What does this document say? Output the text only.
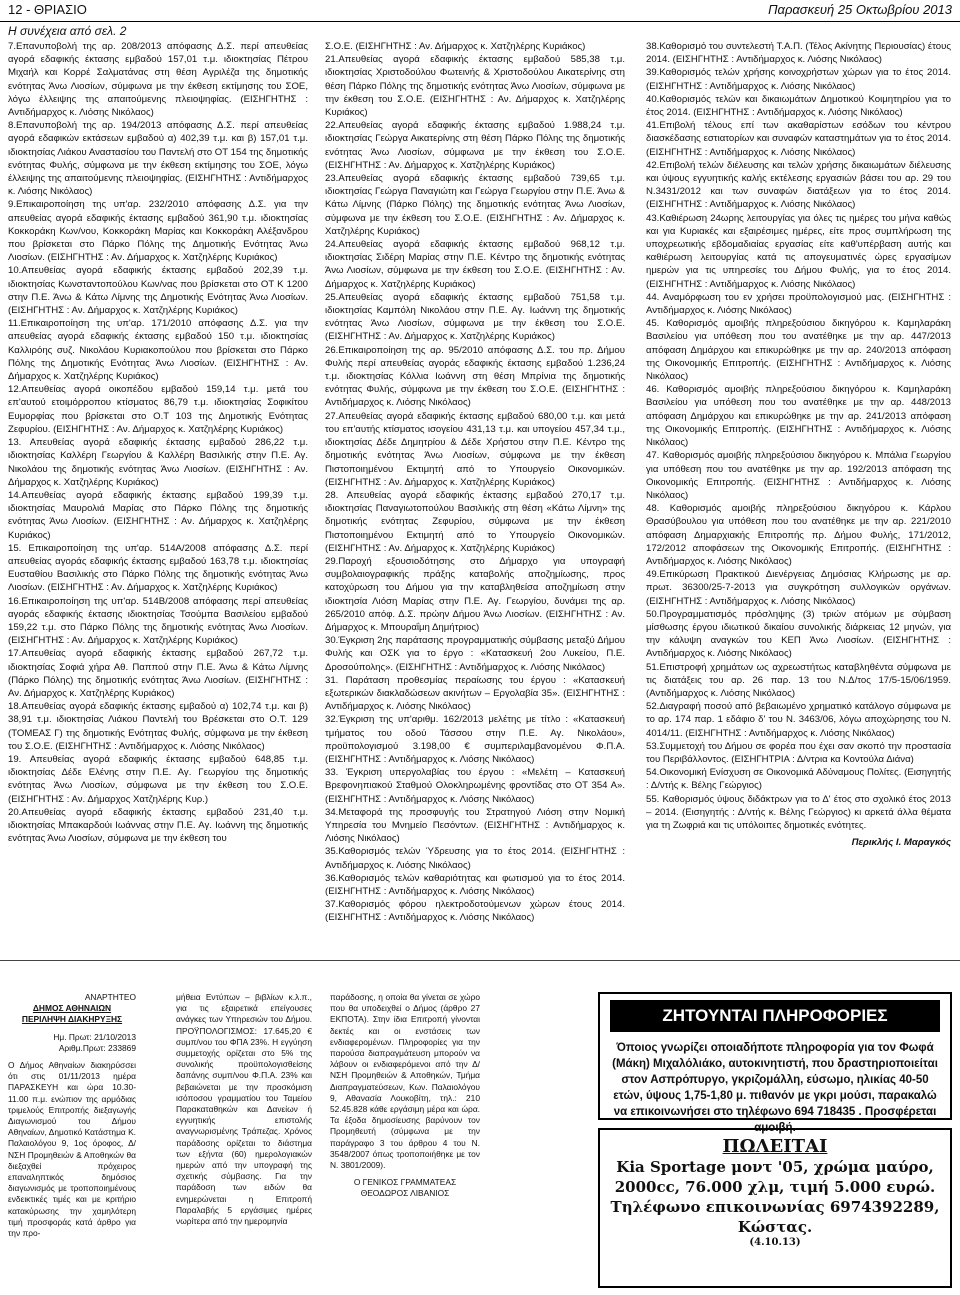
12 - ΘΡΙΑΣΙΟ	Παρασκευή 25 Οκτωβρίου 2013
Η συνέχεια από σελ. 2

7.Επανυποβολή της αρ. 208/2013 απόφασης Δ.Σ. περί απευθείας αγορά εδαφικής έκτασης εμβαδού 157,01 τ.μ. ιδιοκτησίας Πέτρου Μιχαήλ και Κορρέ Σαλματάνας στη θέση Αγριλέζα της δημοτικής ενότητας Άνω Λιοσίων, σύμφωνα με την έκθεση εκτίμησης του ΣΟΕ, λόγω έλλειψης της απαιτούμενης πλειοψηφίας. (ΕΙΣΗΓΗΤΗΣ : Αντιδήμαρχος κ. Λιόσης Νικόλαος)

8.Επανυποβολή της αρ. 194/2013 απόφασης Δ.Σ. περί απευθείας αγορά εδαφικών εκτάσεων εμβαδού α) 402,39 τ.μ. και β) 157,01 τ.μ. ιδιοκτησίας Λιάκου Αναστασίου του Παντελή στο ΟΤ 154 της δημοτικής ενότητας Φυλής, σύμφωνα με την έκθεση εκτίμησης του ΣΟΕ, λόγω έλλειψης της απαιτούμενης πλειοψηφίας. (ΕΙΣΗΓΗΤΗΣ : Αντιδήμαρχος κ. Λιόσης Νικόλαος)

9.Επικαιροποίηση της υπ'αρ. 232/2010 απόφασης Δ.Σ. για την απευθείας αγορά εδαφικής έκτασης εμβαδού 361,90 τ.μ. ιδιοκτησίας Κοκκοράκη Κων/νου, Κοκκοράκη Μαρίας και Κοκκοράκη Αλέξανδρου που βρίσκεται στο Πάρκο Πόλης της Δημοτικής Ενότητας Άνω Λιοσίων. (ΕΙΣΗΓΗΤΗΣ : Αν. Δήμαρχος κ. Χατζηλέρης Κυριάκος)

10.Απευθείας αγορά εδαφικής έκτασης εμβαδού 202,39 τ.μ. ιδιοκτησίας Κωνσταντοπούλου Κων/νας που βρίσκεται στο ΟΤ Κ 1200 στην Π.Ε. Άνω & Κάτω Λίμνης της Δημοτικής Ενότητας Άνω Λιοσίων. (ΕΙΣΗΓΗΤΗΣ : Αν. Δήμαρχος κ. Χατζηλέρης Κυριάκος)

11.Επικαιροποίηση της υπ'αρ. 171/2010 απόφασης Δ.Σ. για την απευθείας αγορά εδαφικής έκτασης εμβαδού 150 τ.μ. ιδιοκτησίας Καλλιρόης συζ. Νικολάου Κυριακοπούλου που βρίσκεται στο Πάρκο Πόλης της Δημοτικής Ενότητας Άνω Λιοσίων. (ΕΙΣΗΓΗΤΗΣ : Αν. Δήμαρχος κ. Χατζηλέρης Κυριάκος)

12.Απευθείας αγορά οικοπέδου εμβαδού 159,14 τ.μ. μετά του επ'αυτού ετοιμόρροπου κτίσματος 86,79 τ.μ. ιδιοκτησίας Σοφικίτου Ευμορφίας που βρίσκεται στο Ο.Τ 103 της Δημοτικής Ενότητας Ζεφυρίου. (ΕΙΣΗΓΗΤΗΣ : Αν. Δήμαρχος κ. Χατζηλέρης Κυριάκος)

13. Απευθείας αγορά εδαφικής έκτασης εμβαδού 286,22 τ.μ. ιδιοκτησίας Καλλέρη Γεωργίου & Καλλέρη Βασιλικής στην Π.Ε. Αγ. Νικολάου της δημοτικής ενότητας Άνω Λιοσίων. (ΕΙΣΗΓΗΤΗΣ : Αν. Δήμαρχος κ. Χατζηλέρης Κυριάκος)

14.Απευθείας αγορά εδαφικής έκτασης εμβαδού 199,39 τ.μ. ιδιοκτησίας Μαυρολιά Μαρίας στο Πάρκο Πόλης της δημοτικής ενότητας Άνω Λιοσίων. (ΕΙΣΗΓΗΤΗΣ : Αν. Δήμαρχος κ. Χατζηλέρης Κυριάκος)

15. Επικαιροποίηση της υπ'αρ. 514Α/2008 απόφασης Δ.Σ. περί απευθείας αγοράς εδαφικής έκτασης εμβαδού 163,78 τ.μ. ιδιοκτησίας Ευσταθίου Βασιλικής στο Πάρκο Πόλης της δημοτικής ενότητας Άνω Λιοσίων. (ΕΙΣΗΓΗΤΗΣ : Αν. Δήμαρχος κ. Χατζηλέρης Κυριάκος)

16.Επικαιροποίηση της υπ'αρ. 514Β/2008 απόφασης περί απευθείας αγοράς εδαφικής έκτασης ιδιοκτησίας Τσούμπα Βασιλείου εμβαδού 159,22 τ.μ. στο Πάρκο Πόλης της δημοτικής ενότητας Άνω Λιοσίων. (ΕΙΣΗΓΗΤΗΣ : Αν. Δήμαρχος κ. Χατζηλέρης Κυριάκος)

17.Απευθείας αγορά εδαφικής έκτασης εμβαδού 267,72 τ.μ. ιδιοκτησίας Σοφιά χήρα Αθ. Παππού στην Π.Ε. Άνω & Κάτω Λίμνης (Πάρκο Πόλης) της δημοτικής ενότητας Άνω Λιοσίων. (ΕΙΣΗΓΗΤΗΣ : Αν. Δήμαρχος κ. Χατζηλέρης Κυριάκος)

18.Απευθείας αγορά εδαφικής έκτασης εμβαδού α) 102,74 τ.μ. και β) 38,91 τ.μ. ιδιοκτησίας Λιάκου Παντελή του Βρέσκεται στο Ο.Τ. 129 (ΤΟΜΕΑΣ Γ) της δημοτικής Ενότητας Φυλής, σύμφωνα με την έκθεση του Σ.Ο.Ε. (ΕΙΣΗΓΗΤΗΣ : Αντιδήμαρχος κ. Λιόσης Νικόλαος)

19. Απευθείας αγορά εδαφικής έκτασης εμβαδού 648,85 τ.μ. ιδιοκτησίας Δέδε Ελένης στην Π.Ε. Αγ. Γεωργίου της δημοτικής ενότητας Άνω Λιοσίων, σύμφωνα με την έκθεση του Σ.Ο.Ε. (ΕΙΣΗΓΗΤΗΣ : Αν. Δήμαρχος Χατζηλέρης Κυρ.)

20.Απευθείας αγορά εδαφικής έκτασης εμβαδού 231,40 τ.μ. ιδιοκτησίας Μπακαρδούι Ιωάννας στην Π.Ε. Αγ. Ιωάννη της δημοτικής ενότητας Άνω Λιοσίων, σύμφωνα με την έκθεση του

Σ.Ο.Ε. (ΕΙΣΗΓΗΤΗΣ : Αν. Δήμαρχος κ. Χατζηλέρης Κυριάκος)

21.Απευθείας αγορά εδαφικής έκτασης εμβαδού 585,38 τ.μ. ιδιοκτησίας Χριστοδούλου Φωτεινής & Χριστοδούλου Αικατερίνης στη θέση Πάρκο Πόλης της δημοτικής ενότητας Άνω Λιοσίων, σύμφωνα με την έκθεση του Σ.Ο.Ε. (ΕΙΣΗΓΗΤΗΣ : Αν. Δήμαρχος κ. Χατζηλέρης Κυριάκος)

22.Απευθείας αγορά εδαφικής έκτασης εμβαδού 1.988,24 τ.μ. ιδιοκτησίας Γεώργα Αικατερίνης στη θέση Πάρκο Πόλης της δημοτικής ενότητας Άνω Λιοσίων, σύμφωνα με την έκθεση του Σ.Ο.Ε. (ΕΙΣΗΓΗΤΗΣ : Αν. Δήμαρχος κ. Χατζηλέρης Κυριάκος)

23.Απευθείας αγορά εδαφικής έκτασης εμβαδού 739,65 τ.μ. ιδιοκτησίας Γεώργα Παναγιώτη και Γεώργα Γεωργίου στην Π.Ε. Άνω & Κάτω Λίμνης (Πάρκο Πόλης) της δημοτικής ενότητας Άνω Λιοσίων, σύμφωνα με την έκθεση του Σ.Ο.Ε. (ΕΙΣΗΓΗΤΗΣ : Αν. Δήμαρχος κ. Χατζηλέρης Κυριάκος)

24.Απευθείας αγορά εδαφικής έκτασης εμβαδού 968,12 τ.μ. ιδιοκτησίας Σιδέρη Μαρίας στην Π.Ε. Κέντρο της δημοτικής ενότητας Άνω Λιοσίων, σύμφωνα με την έκθεση του Σ.Ο.Ε. (ΕΙΣΗΓΗΤΗΣ : Αν. Δήμαρχος κ. Χατζηλέρης Κυριάκος)

25.Απευθείας αγορά εδαφικής έκτασης εμβαδού 751,58 τ.μ. ιδιοκτησίας Καμπόλη Νικολάου στην Π.Ε. Αγ. Ιωάννη της δημοτικής ενότητας Άνω Λιοσίων, σύμφωνα με την έκθεση του Σ.Ο.Ε. (ΕΙΣΗΓΗΤΗΣ : Αν. Δήμαρχος κ. Χατζηλέρης Κυριάκος)

26.Επικαιροποίηση της αρ. 95/2010 απόφασης Δ.Σ. του πρ. Δήμου Φυλής περί απευθείας αγοράς εδαφικής έκτασης εμβαδού 1.236,24 τ.μ. ιδιοκτησίας Κόλλια Ιωάννη στη θέση Μπρίνια της δημοτικής ενότητας Φυλής, σύμφωνα με την έκθεση του Σ.Ο.Ε. (ΕΙΣΗΓΗΤΗΣ : Αντιδήμαρχος κ. Λιόσης Νικόλαος)

27.Απευθείας αγορά εδαφικής έκτασης εμβαδού 680,00 τ.μ. και μετά του επ'αυτής κτίσματος ισογείου 431,13 τ.μ. και υπογείου 457,34 τ.μ., ιδιοκτησίας Δέδε Δημητρίου & Δέδε Χρήστου στην Π.Ε. Κέντρο της δημοτικής ενότητας Άνω Λιοσίων, σύμφωνα με την έκθεση Πιστοποιημένου Εκτιμητή από το Υπουργείο Οικονομικών. (ΕΙΣΗΓΗΤΗΣ : Αν. Δήμαρχος κ. Χατζηλέρης Κυριάκος)

28. Απευθείας αγορά εδαφικής έκτασης εμβαδού 270,17 τ.μ. ιδιοκτησίας Παναγιωτοπούλου Βασιλικής στη θέση «Κάτω Λίμνη» της δημοτικής ενότητας Ζεφυρίου, σύμφωνα με την έκθεση Πιστοποιημένου Εκτιμητή από το Υπουργείο Οικονομικών. (ΕΙΣΗΓΗΤΗΣ : Αν. Δήμαρχος κ. Χατζηλέρης Κυριάκος)

29.Παροχή εξουσιοδότησης στο Δήμαρχο για υπογραφή συμβολαιογραφικής πράξης καταβολής αποζημίωσης, προς κατοχύρωση του Δήμου για την καταβληθείσα αποζημίωση στην ιδιοκτησία Λιόση Μαρίας στην Π.Ε. Αγ. Γεωργίου, δυνάμει της αρ. 265/2010 απόφ. Δ.Σ. πρώην Δήμου Άνω Λιοσίων. (ΕΙΣΗΓΗΤΗΣ : Αν. Δήμαρχος κ. Μπουραΐμη Δημήτριος)

30.Έγκριση 2ης παράτασης προγραμματικής σύμβασης μεταξύ Δήμου Φυλής και ΟΣΚ για το έργο : «Κατασκευή 2ου Λυκείου, Π.Ε. Δροσούπολης». (ΕΙΣΗΓΗΤΗΣ : Αντιδήμαρχος κ. Λιόσης Νικόλαος)

31. Παράταση προθεσμίας περαίωσης του έργου : «Κατασκευή εξωτερικών διακλαδώσεων ακινήτων – Εργολαβία 35». (ΕΙΣΗΓΗΤΗΣ : Αντιδήμαρχος κ. Λιόσης Νικόλαος)

32.Έγκριση της υπ'αριθμ. 162/2013 μελέτης με τίτλο : «Κατασκευή τμήματος του οδού Τάσσου στην Π.Ε. Αγ. Νικολάου», προϋπολογισμού 3.198,00 € συμπεριλαμβανομένου Φ.Π.Α. (ΕΙΣΗΓΗΤΗΣ : Αντιδήμαρχος κ. Λιόσης Νικόλαος)

33. Έγκριση υπεργολαβίας του έργου : «Μελέτη – Κατασκευή Βρεφονηπιακού Σταθμού Ολοκληρωμένης φροντίδας στο ΟΤ 354 Α». (ΕΙΣΗΓΗΤΗΣ : Αντιδήμαρχος κ. Λιόσης Νικόλαος)

34.Μεταφορά της προσφυγής του Στρατηγού Λιόση στην Νομική Υπηρεσία του Μνημείο Πεσόντων. (ΕΙΣΗΓΗΤΗΣ : Αντιδήμαρχος κ. Λιόσης Νικόλαος)

35.Καθορισμός τελών Ύδρευσης για το έτος 2014. (ΕΙΣΗΓΗΤΗΣ : Αντιδήμαρχος κ. Λιόσης Νικόλαος)

36.Καθορισμός τελών καθαριότητας και φωτισμού για το έτος 2014. (ΕΙΣΗΓΗΤΗΣ : Αντιδήμαρχος κ. Λιόσης Νικόλαος)

37.Καθορισμός φόρου ηλεκτροδοτούμενων χώρων έτους 2014. (ΕΙΣΗΓΗΤΗΣ : Αντιδήμαρχος κ. Λιόσης Νικόλαος)

38.Καθορισμό του συντελεστή Τ.Α.Π. (Τέλος Ακίνητης Περιουσίας) έτους 2014. (ΕΙΣΗΓΗΤΗΣ : Αντιδήμαρχος κ. Λιόσης Νικόλαος)

39.Καθορισμός τελών χρήσης κοινοχρήστων χώρων για το έτος 2014. (ΕΙΣΗΓΗΤΗΣ : Αντιδήμαρχος κ. Λιόσης Νικόλαος)

40.Καθορισμός τελών και δικαιωμάτων Δημοτικού Κοιμητηρίου για το έτος 2014. (ΕΙΣΗΓΗΤΗΣ : Αντιδήμαρχος κ. Λιόσης Νικόλαος)

41.Επιβολή τέλους επί των ακαθαρίστων εσόδων του κέντρου διασκέδασης εστιατορίων και συναφών καταστημάτων για το έτος 2014. (ΕΙΣΗΓΗΤΗΣ : Αντιδήμαρχος κ. Λιόσης Νικόλαος)

42.Επιβολή τελών διέλευσης και τελών χρήσης δικαιωμάτων διέλευσης και ύψους εγγυητικής καλής εκτέλεσης εργασιών βάσει του αρ. 29 του Ν.3431/2012 και των συναφών διατάξεων για το έτος 2014. (ΕΙΣΗΓΗΤΗΣ : Αντιδήμαρχος κ. Λιόσης Νικόλαος)

43.Καθιέρωση 24ωρης λειτουργίας για όλες τις ημέρες του μήνα καθώς και για Κυριακές και εξαιρέσιμες ημέρες, είτε προς συμπλήρωση της υποχρεωτικής εβδομαδιαίας εργασίας είτε καθ'υπέρβαση αυτής και καθιέρωση λειτουργίας κατά τις απογευματινές ώρες εργασίμων ημερών για τις υπηρεσίες του Δήμου Φυλής, για το έτος 2014. (ΕΙΣΗΓΗΤΗΣ : Αντιδήμαρχος κ. Λιόσης Νικόλαος)

44. Αναμόρφωση του εν χρήσει προϋπολογισμού μας. (ΕΙΣΗΓΗΤΗΣ : Αντιδήμαρχος κ. Λιόσης Νικόλαος)

45. Καθορισμός αμοιβής πληρεξούσιου δικηγόρου κ. Καμηλαράκη Βασιλείου για υπόθεση που του ανατέθηκε με την αρ. 447/2013 απόφαση Δημάρχου και επικυρώθηκε με την αρ. 240/2013 απόφαση της Οικονομικής Επιτροπής. (ΕΙΣΗΓΗΤΗΣ : Αντιδήμαρχος κ. Λιόσης Νικόλαος)

46. Καθορισμός αμοιβής πληρεξούσιου δικηγόρου κ. Καμηλαράκη Βασιλείου για υπόθεση που του ανατέθηκε με την αρ. 448/2013 απόφαση Δημάρχου και επικυρώθηκε με την αρ. 241/2013 απόφαση της Οικονομικής Επιτροπής. (ΕΙΣΗΓΗΤΗΣ : Αντιδήμαρχος κ. Λιόσης Νικόλαος)

47. Καθορισμός αμοιβής πληρεξούσιου δικηγόρου κ. Μπάλια Γεωργίου για υπόθεση που του ανατέθηκε με την αρ. 192/2013 απόφαση της Οικονομικής Επιτροπής. (ΕΙΣΗΓΗΤΗΣ : Αντιδήμαρχος κ. Λιόσης Νικόλαος)

48. Καθορισμός αμοιβής πληρεξούσιου δικηγόρου κ. Κάρλου Θρασύβουλου για υπόθεση που του ανατέθηκε με την αρ. 221/2010 απόφαση Δημαρχιακής Επιτροπής πρ. Δήμου Φυλής, 171/2012, 172/2012 αποφάσεων της Οικονομικής Επιτροπής. (ΕΙΣΗΓΗΤΗΣ : Αντιδήμαρχος κ. Λιόσης Νικόλαος)

49.Επικύρωση Πρακτικού Διενέργειας Δημόσιας Κλήρωσης με αρ. πρωτ. 36300/25-7-2013 για συγκρότηση συλλογικών οργάνων. (ΕΙΣΗΓΗΤΗΣ : Αντιδήμαρχος κ. Λιόσης Νικόλαος)

50.Προγραμματισμός πρόσληψης (3) τριών ατόμων με σύμβαση μίσθωσης έργου ιδιωτικού δικαίου συνολικής διάρκειας 12 μηνών, για την κάλυψη αναγκών του ΚΕΠ Άνω Λιοσίων. (ΕΙΣΗΓΗΤΗΣ : Αντιδήμαρχος κ. Λιόσης Νικόλαος)

51.Επιστροφή χρημάτων ως αχρεωστήτως καταβληθέντα σύμφωνα με τις διατάξεις του αρ. 26 παρ. 13 του Ν.Δ/τος 17/5-15/06/1959. (Αντιδήμαρχος κ. Λιόσης Νικόλαος)

52.Διαγραφή ποσού από βεβαιωμένο χρηματικό κατάλογο σύμφωνα με το αρ. 174 παρ. 1 εδάφιο δ' του Ν. 3463/06, λόγω αποχώρησης του Ν. 4014/11. (ΕΙΣΗΓΗΤΗΣ : Αντιδήμαρχος κ. Λιόσης Νικόλαος)

53.Συμμετοχή του Δήμου σε φορέα που έχει σαν σκοπό την προστασία του Περιβάλλοντος. (ΕΙΣΗΓΗΤΡΙΑ : Δ/ντρια κα Κοντούλα Διάνα)

54.Οικονομική Ενίσχυση σε Οικονομικά Αδύναμους Πολίτες. (Εισηγητής : Δ/ντής κ. Βέλης Γεώργιος)

55. Καθορισμός ύψους διδάκτρων για το Δ' έτος στο σχολικό έτος 2013 – 2014. (Εισηγητής : Δ/ντής κ. Βέλης Γεώργιος) κι αρκετά άλλα θέματα για τη Ζωφριά και τις υπόλοιπες δημοτικές ενότητες.

Περικλής Ι. Μαραγκός
ΑΝΑΡΤΗΤΕΟ
ΔΗΜΟΣ ΑΘΗΝΑΙΩΝ
ΠΕΡΙΛΗΨΗ ΔΙΑΚΗΡΥΞΗΣ
Ημ. Πρωτ: 21/10/2013
Αριθμ.Πρωτ: 233869
Ο Δήμος Αθηναίων διακηρύσσει ότι στις 01/11/2013 ημέρα ΠΑΡΑΣΚΕΥΗ και ώρα 10.30-11.00 π.μ. ενώπιον της αρμόδιας τριμελούς Επιτροπής διεξαγωγής Διαγωνισμού του Δήμου Αθηναίων, Δημοτικό Κατάστημα Κ. Παλαιολόγου 9, 1ος όροφος, Δ/ΝΣΗ Προμηθειών & Αποθηκών θα διεξαχθεί πρόχειρος επαναληπτικός δημόσιος διαγωνισμός με τροποποιημένους ενδεικτικές τιμές και με κριτήριο κατακύρωσης την χαμηλότερη τιμή προσφοράς κατά άρθρο για την προ-
μήθεια Εντύπων – βιβλίων κ.λ.π., για τις εξαιρετικά επείγουσες ανάγκες των Υπηρεσιών του Δήμου. ΠΡΟΫΠΟΛΟΓΙΣΜΟΣ: 17.645,20 € συμπ/νου του ΦΠΑ 23%. Η εγγύηση συμμετοχής ορίζεται στο 5% της συνολικής προϋπολογισθείσης δαπάνης συμπ/νου Φ.Π.Α. 23% και βεβαιώνεται με την προσκόμιση ισόποσου γραμματίου του Ταμείου Παρακαταθηκών και Δανείων ή εγγυητικής επιστολής αναγνωρισμένης Τράπεζας. Χρόνος παράδοσης ορίζεται το διάστημα των εξήντα (60) ημερολογιακών ημερών από την υπογραφή της σχετικής σύμβασης. Για την παράδοση των ειδών θα ενημερώνεται η Επιτροπή Παραλαβής 5 εργάσιμες ημέρες νωρίτερα από την ημερομηνία
παράδοσης, η οποία θα γίνεται σε χώρο που θα υποδειχθεί ο Δήμος (άρθρο 27 ΕΚΠΟΤΑ). Στην ίδια Επιτροπή γίνονται δεκτές και οι ενστάσεις των ενδιαφερομένων. Πληροφορίες για την παρούσα διαπραγμάτευση μπορούν να λάβουν οι ενδιαφερόμενοι από την Δ/ΝΣΗ Προμηθειών & Αποθηκών, Τμήμα Διαπραγματεύσεων, Κων. Παλαιολόγου 9, Αθανασία Λουκοβίτη, τηλ.: 210 52.45.828 κάθε εργάσιμη μέρα και ώρα. Τα έξοδα δημοσίευσης βαρύνουν τον Προμηθευτή (σύμφωνα με την παράγραφο 3 του άρθρου 4 του Ν. 3548/2007 όπως τροποποιήθηκε με τον Ν. 3801/2009).
Ο ΓΕΝΙΚΟΣ ΓΡΑΜΜΑΤΕΑΣ
ΘΕΟΔΩΡΟΣ ΛΙΒΑΝΙΟΣ
ΖΗΤΟΥΝΤΑΙ ΠΛΗΡΟΦΟΡΙΕΣ
Όποιος γνωρίζει οποιαδήποτε πληροφορία για τον Φωφά (Μάκη) Μιχαλόλιάκο, αυτοκινητιστή, που δραστηριοποιείται στον Ασπρόπυργο, γκριζομάλλη, εύσωμο, ηλικίας 40-50 ετών, ύψους 1,75-1,80 μ. πιθανόν με γκρι μούσι, παρακαλώ να επικοινωνήσει στο τηλέφωνο 694 718435 . Προσφέρεται αμοιβή.
ΠΩΛΕΙΤΑΙ
Kia Sportage μοντ '05, χρώμα μαύρο, 2000cc, 76.000 χλμ, τιμή 5.000 ευρώ. Τηλέφωνο επικοινωνίας 6974392289, Κώστας.
(4.10.13)
